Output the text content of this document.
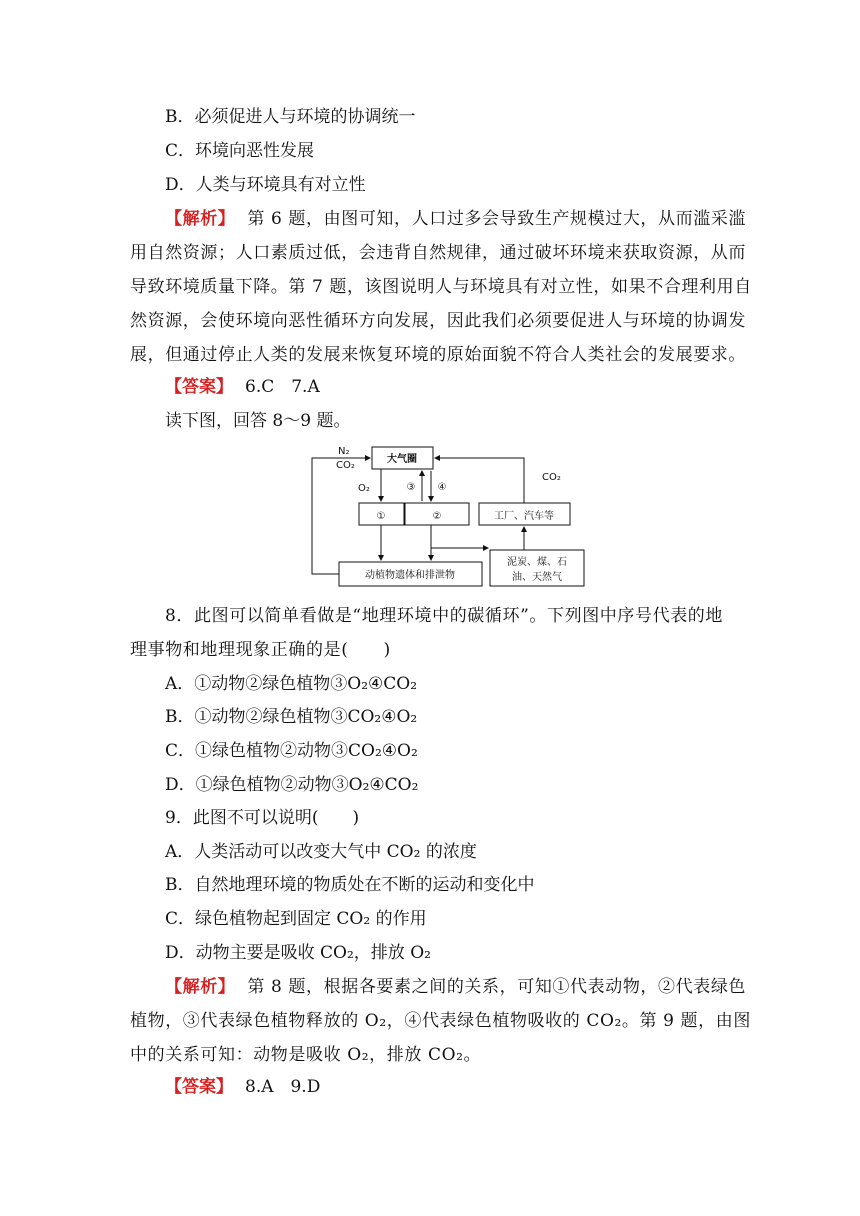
B．必须促进人与环境的协调统一
C．环境向恶性发展
D．人类与环境具有对立性
【解析】 第 6 题，由图可知，人口过多会导致生产规模过大，从而滥采滥
用自然资源；人口素质过低，会违背自然规律，通过破坏环境来获取资源，从而
导致环境质量下降。第 7 题，该图说明人与环境具有对立性，如果不合理利用自
然资源，会使环境向恶性循环方向发展，因此我们必须要促进人与环境的协调发
展，但通过停止人类的发展来恢复环境的原始面貌不符合人类社会的发展要求。
【答案】 6.C　7.A
读下图，回答 8～9 题。
大气圈
①	②	工厂、汽车等
动植物遗体和排泄物
泥炭、煤、石
油、天然气
N₂
CO₂
O₂	③ ④
CO₂
8．此图可以简单看做是“地理环境中的碳循环”。下列图中序号代表的地
理事物和地理现象正确的是(　　)
A．①动物②绿色植物③O₂④CO₂
B．①动物②绿色植物③CO₂④O₂
C．①绿色植物②动物③CO₂④O₂
D．①绿色植物②动物③O₂④CO₂
9．此图不可以说明(　　)
A．人类活动可以改变大气中 CO₂ 的浓度
B．自然地理环境的物质处在不断的运动和变化中
C．绿色植物起到固定 CO₂ 的作用
D．动物主要是吸收 CO₂，排放 O₂
【解析】 第 8 题，根据各要素之间的关系，可知①代表动物，②代表绿色
植物，③代表绿色植物释放的 O₂，④代表绿色植物吸收的 CO₂。第 9 题，由图
中的关系可知：动物是吸收 O₂，排放 CO₂。
【答案】 8.A　9.D
